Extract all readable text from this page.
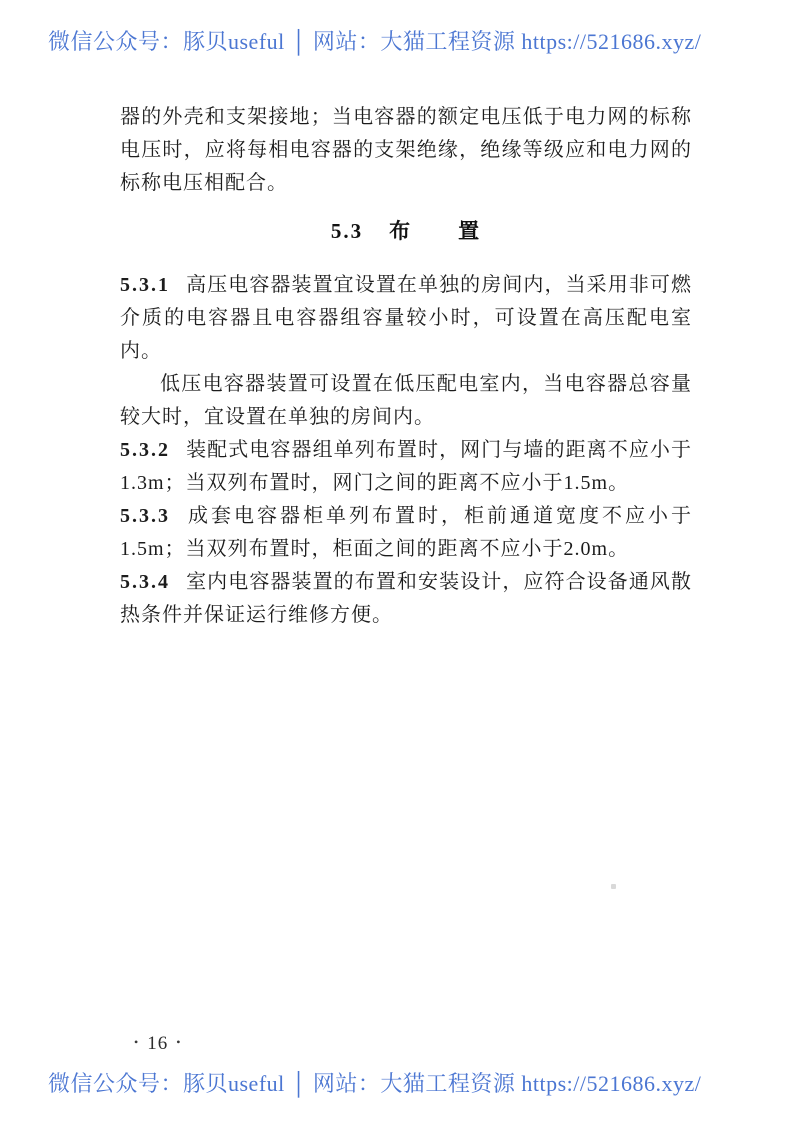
微信公众号：豚贝useful │ 网站：大猫工程资源 https://521686.xyz/

器的外壳和支架接地；当电容器的额定电压低于电力网的标称电压时，应将每相电容器的支架绝缘，绝缘等级应和电力网的标称电压相配合。

5.3 布　　置

5.3.1 高压电容器装置宜设置在单独的房间内，当采用非可燃介质的电容器且电容器组容量较小时，可设置在高压配电室内。

低压电容器装置可设置在低压配电室内，当电容器总容量较大时，宜设置在单独的房间内。

5.3.2 装配式电容器组单列布置时，网门与墙的距离不应小于1.3m；当双列布置时，网门之间的距离不应小于1.5m。

5.3.3 成套电容器柜单列布置时，柜前通道宽度不应小于1.5m；当双列布置时，柜面之间的距离不应小于2.0m。

5.3.4 室内电容器装置的布置和安装设计，应符合设备通风散热条件并保证运行维修方便。

• 16 •
微信公众号：豚贝useful │ 网站：大猫工程资源 https://521686.xyz/
